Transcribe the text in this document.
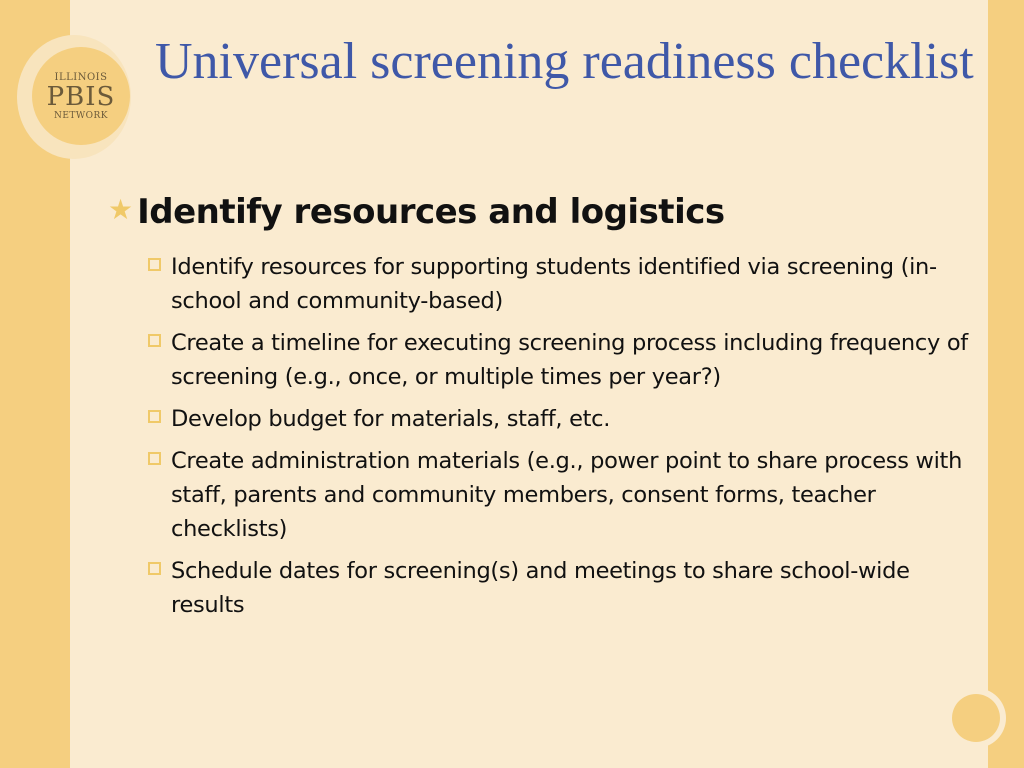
ILLINOIS
PBIS
NETWORK
Universal screening readiness checklist
★ Identify resources and logistics
Identify resources for supporting students identified via screening (in-school and community-based)
Create a timeline for executing screening process including frequency of screening (e.g., once, or multiple times per year?)
Develop budget for materials, staff, etc.
Create administration materials (e.g., power point to share process with staff, parents and community members, consent forms, teacher checklists)
Schedule dates for screening(s) and meetings to share school-wide results
